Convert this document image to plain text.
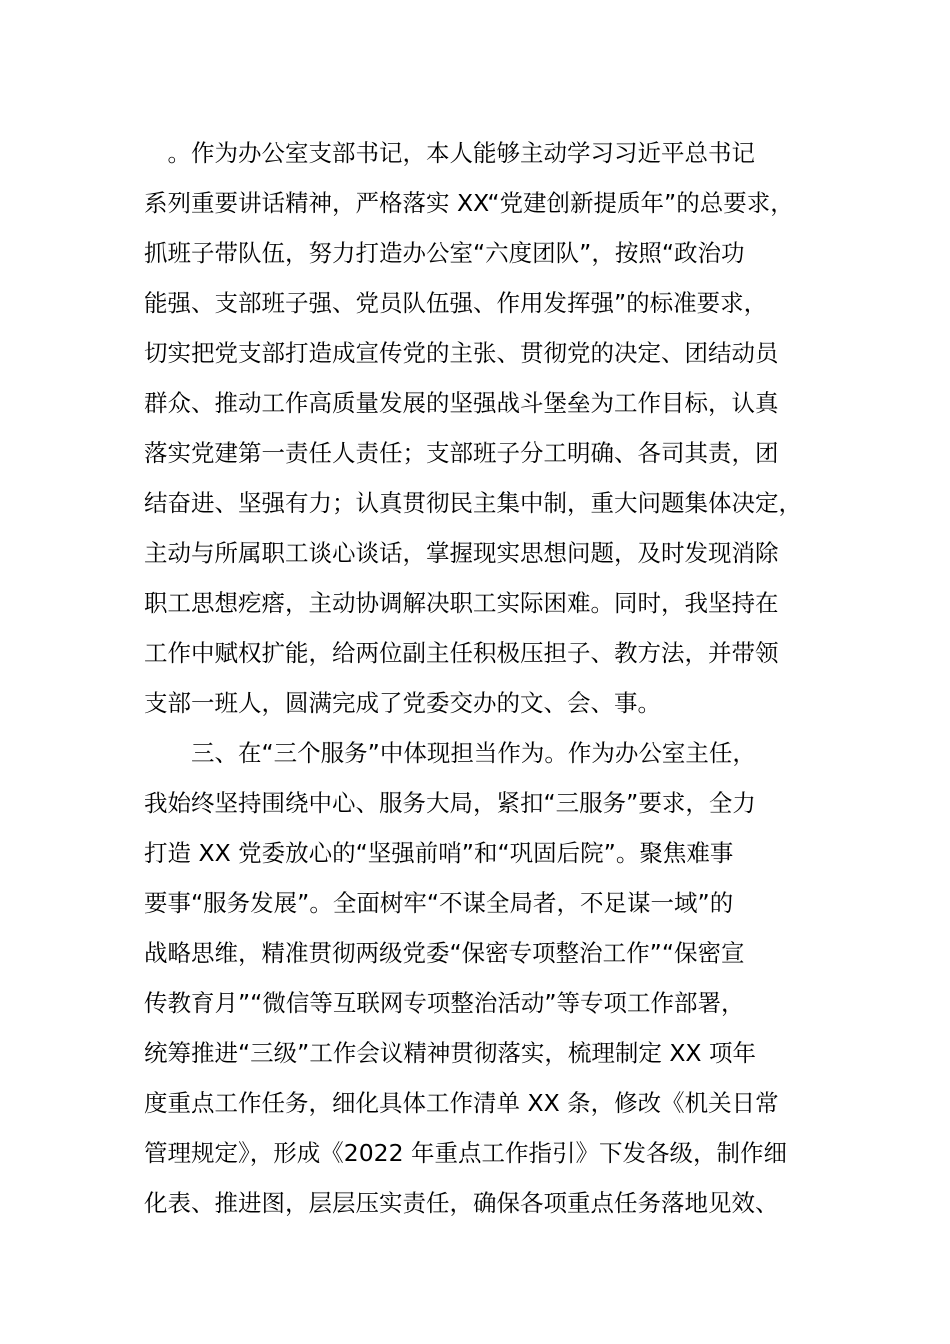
　。作为办公室支部书记，本人能够主动学习习近平总书记
系列重要讲话精神，严格落实 XX“党建创新提质年”的总要求，
抓班子带队伍，努力打造办公室“六度团队”，按照“政治功
能强、支部班子强、党员队伍强、作用发挥强”的标准要求，
切实把党支部打造成宣传党的主张、贯彻党的决定、团结动员
群众、推动工作高质量发展的坚强战斗堡垒为工作目标，认真
落实党建第一责任人责任；支部班子分工明确、各司其责，团
结奋进、坚强有力；认真贯彻民主集中制，重大问题集体决定，
主动与所属职工谈心谈话，掌握现实思想问题，及时发现消除
职工思想疙瘩，主动协调解决职工实际困难。同时，我坚持在
工作中赋权扩能，给两位副主任积极压担子、教方法，并带领
支部一班人，圆满完成了党委交办的文、会、事。
　　三、在“三个服务”中体现担当作为。作为办公室主任，
我始终坚持围绕中心、服务大局，紧扣“三服务”要求，全力
打造 XX 党委放心的“坚强前哨”和“巩固后院”。聚焦难事
要事“服务发展”。全面树牢“不谋全局者，不足谋一域”的
战略思维，精准贯彻两级党委“保密专项整治工作”“保密宣
传教育月”“微信等互联网专项整治活动”等专项工作部署，
统筹推进“三级”工作会议精神贯彻落实，梳理制定 XX 项年
度重点工作任务，细化具体工作清单 XX 条，修改《机关日常
管理规定》，形成《2022 年重点工作指引》下发各级，制作细
化表、推进图，层层压实责任，确保各项重点任务落地见效、
